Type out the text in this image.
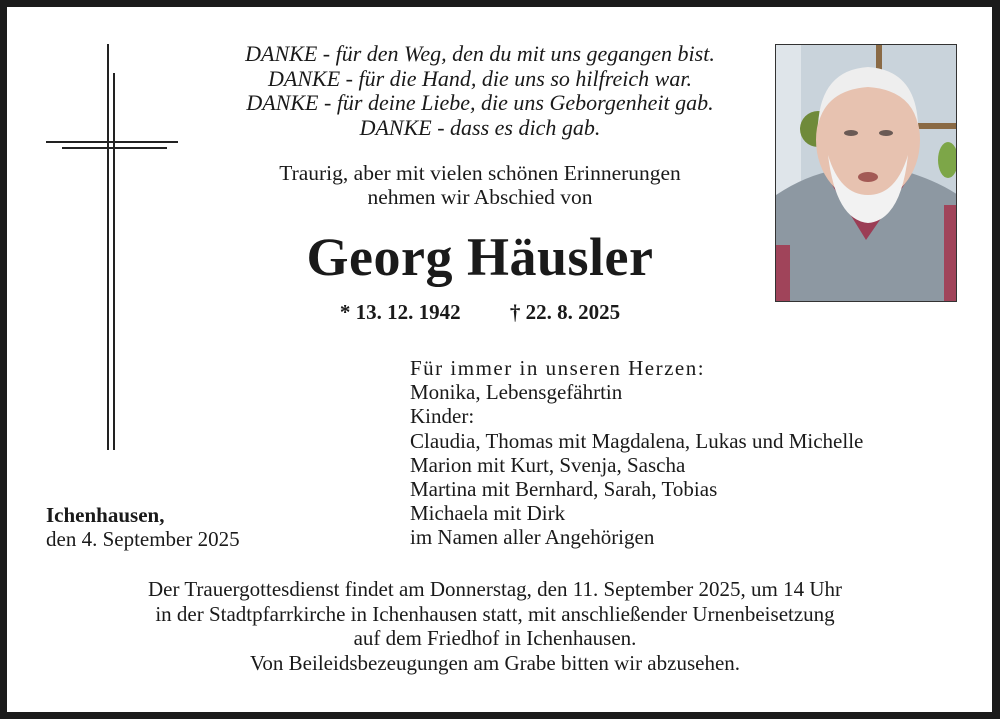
DANKE - für den Weg, den du mit uns gegangen bist.
DANKE - für die Hand, die uns so hilfreich war.
DANKE - für deine Liebe, die uns Geborgenheit gab.
DANKE - dass es dich gab.
Traurig, aber mit vielen schönen Erinnerungen
nehmen wir Abschied von
Georg Häusler
* 13. 12. 1942 † 22. 8. 2025
Für immer in unseren Herzen:
Monika, Lebensgefährtin
Kinder:
Claudia, Thomas mit Magdalena, Lukas und Michelle
Marion mit Kurt, Svenja, Sascha
Martina mit Bernhard, Sarah, Tobias
Michaela mit Dirk
im Namen aller Angehörigen
Ichenhausen,
den 4. September 2025
Der Trauergottesdienst findet am Donnerstag, den 11. September 2025, um 14 Uhr
in der Stadtpfarrkirche in Ichenhausen statt, mit anschließender Urnenbeisetzung
auf dem Friedhof in Ichenhausen.
Von Beileidsbezeugungen am Grabe bitten wir abzusehen.
